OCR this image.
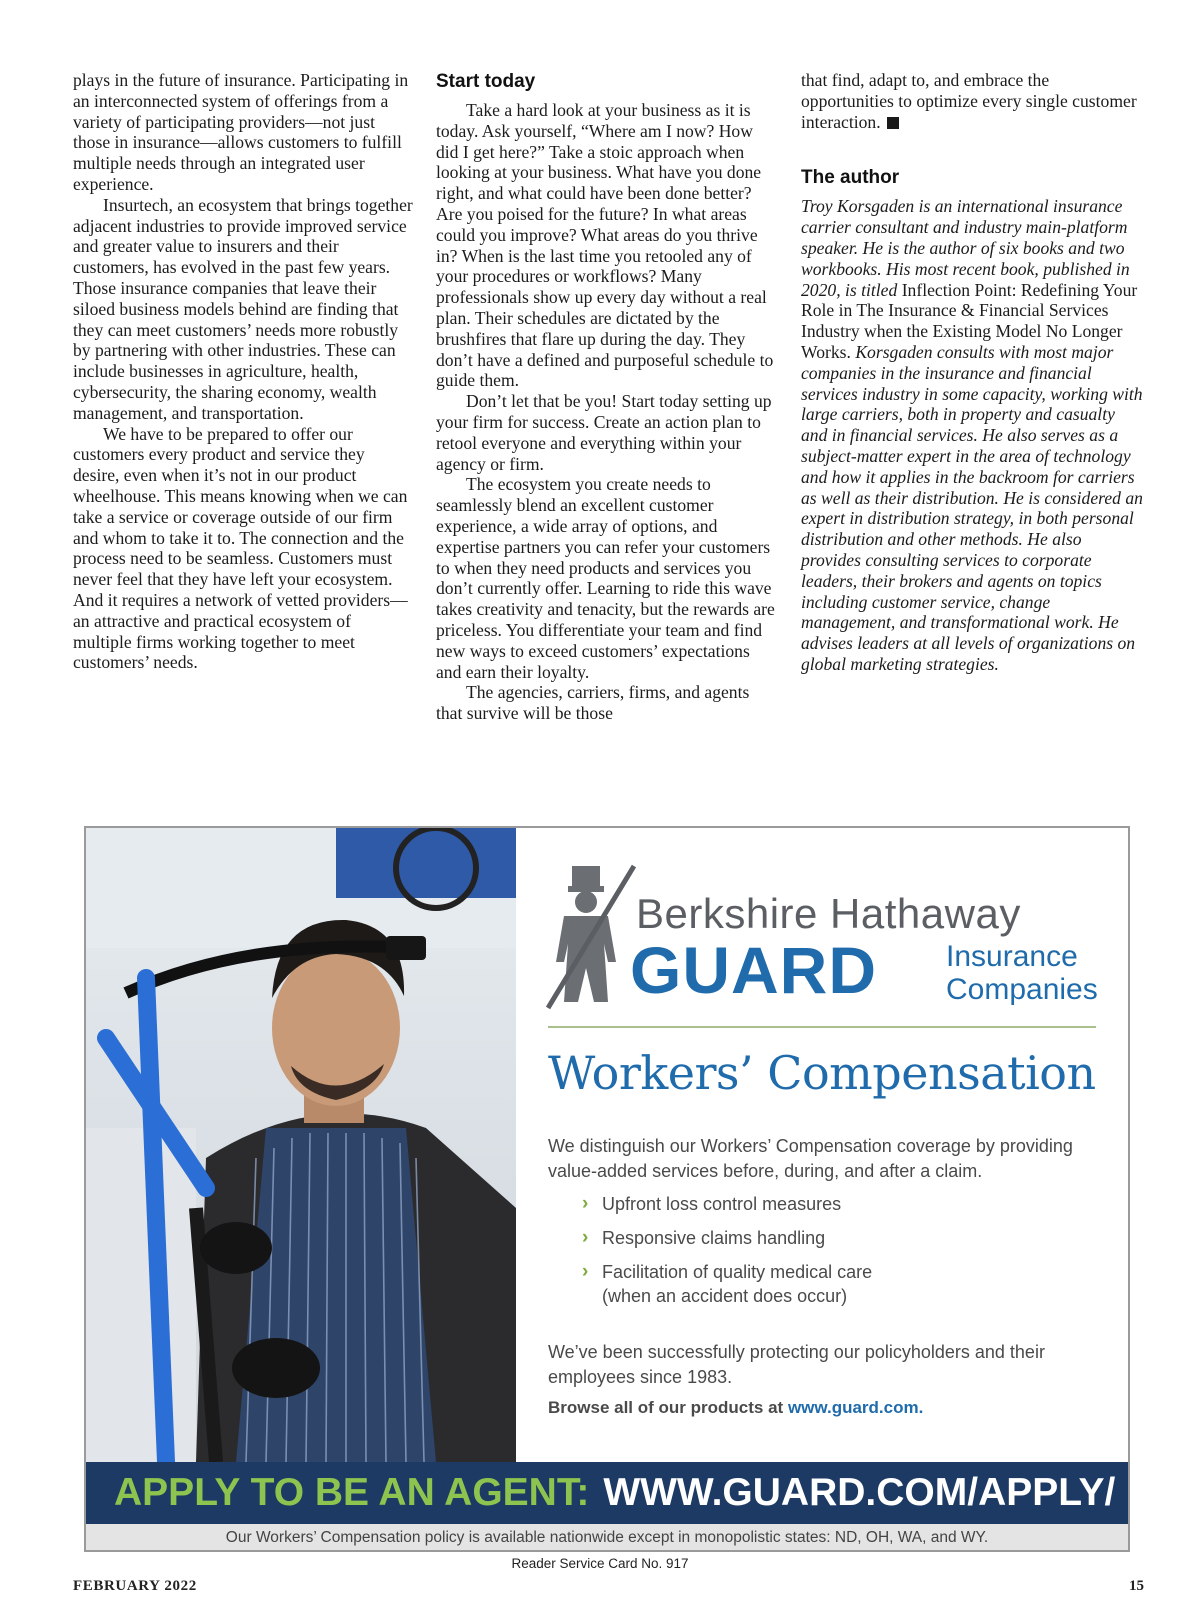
plays in the future of insurance. Participating in an interconnected system of offerings from a variety of participating providers—not just those in insurance—allows customers to fulfill multiple needs through an integrated user experience.

Insurtech, an ecosystem that brings together adjacent industries to provide improved service and greater value to insurers and their customers, has evolved in the past few years. Those insurance companies that leave their siloed business models behind are finding that they can meet customers’ needs more robustly by partnering with other industries. These can include businesses in agriculture, health, cybersecurity, the sharing economy, wealth management, and transportation.

We have to be prepared to offer our customers every product and service they desire, even when it’s not in our product wheelhouse. This means knowing when we can take a service or coverage outside of our firm and whom to take it to. The connection and the process need to be seamless. Customers must never feel that they have left your ecosystem. And it requires a network of vetted providers—an attractive and practical ecosystem of multiple firms working together to meet customers’ needs.

Start today

Take a hard look at your business as it is today. Ask yourself, “Where am I now? How did I get here?” Take a stoic approach when looking at your business. What have you done right, and what could have been done better? Are you poised for the future? In what areas could you improve? What areas do you thrive in? When is the last time you retooled any of your procedures or workflows? Many professionals show up every day without a real plan. Their schedules are dictated by the brushfires that flare up during the day. They don’t have a defined and purposeful schedule to guide them.

Don’t let that be you! Start today setting up your firm for success. Create an action plan to retool everyone and everything within your agency or firm.

The ecosystem you create needs to seamlessly blend an excellent customer experience, a wide array of options, and expertise partners you can refer your customers to when they need products and services you don’t currently offer. Learning to ride this wave takes creativity and tenacity, but the rewards are priceless. You differentiate your team and find new ways to exceed customers’ expectations and earn their loyalty.

The agencies, carriers, firms, and agents that survive will be those

that find, adapt to, and embrace the opportunities to optimize every single customer interaction.

The author

Troy Korsgaden is an international insurance carrier consultant and industry main-platform speaker. He is the author of six books and two workbooks. His most recent book, published in 2020, is titled Inflection Point: Redefining Your Role in The Insurance & Financial Services Industry when the Existing Model No Longer Works. Korsgaden consults with most major companies in the insurance and financial services industry in some capacity, working with large carriers, both in property and casualty and in financial services. He also serves as a subject-matter expert in the area of technology and how it applies in the backroom for carriers as well as their distribution. He is considered an expert in distribution strategy, in both personal distribution and other methods. He also provides consulting services to corporate leaders, their brokers and agents on topics including customer service, change management, and transformational work. He advises leaders at all levels of organizations on global marketing strategies.

Berkshire Hathaway
GUARD Insurance
Companies
Workers’ Compensation
We distinguish our Workers’ Compensation coverage by providing value-added services before, during, and after a claim.
› Upfront loss control measures
› Responsive claims handling
› Facilitation of quality medical care
(when an accident does occur)
We’ve been successfully protecting our policyholders and their employees since 1983.
Browse all of our products at www.guard.com.
APPLY TO BE AN AGENT: WWW.GUARD.COM/APPLY/
Our Workers’ Compensation policy is available nationwide except in monopolistic states: ND, OH, WA, and WY.
Reader Service Card No. 917
FEBRUARY 2022	15
